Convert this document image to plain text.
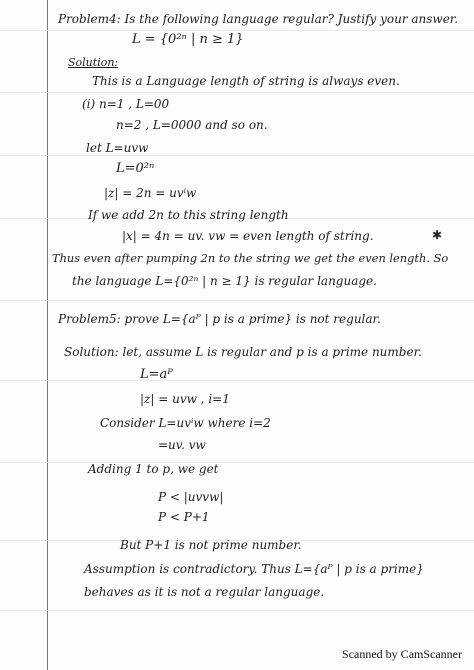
Problem4: Is the following language regular? Justify your answer.
L = {0²ⁿ | n ≥ 1}
Solution:
This is a Language length of string is always even.
(i) n=1 , L=00
n=2 , L=0000 and so on.
let L=uvw
L=0²ⁿ
|z| = 2n = uvⁱw
If we add 2n to this string length
|x| = 4n = uv. vw = even length of string.	✱
Thus even after pumping 2n to the string we get the even length. So
the language L={0²ⁿ | n ≥ 1} is regular language.
Problem5: prove L={aᴾ | p is a prime} is not regular.
Solution: let, assume L is regular and p is a prime number.
L=aᴾ
|z| = uvw , i=1
Consider L=uvⁱw where i=2
=uv. vw
Adding 1 to p, we get
P < |uvvw|
P < P+1
But P+1 is not prime number.
Assumption is contradictory. Thus L={aᴾ | p is a prime}
behaves as it is not a regular language.
Scanned by CamScanner
